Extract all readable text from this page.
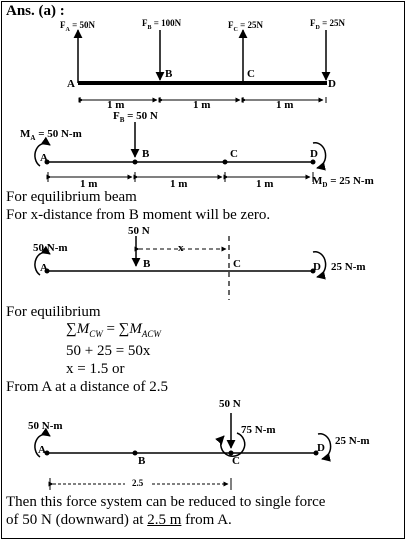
Ans. (a) :
$F_A = 50N$	$F_B = 100N$	$F_C = 25N$	$F_D = 25N$
A
B	C
D
1 m	1 m	1 m
$M_A = 50$ N-m
$F_B = 50$ N
A	B	C	D
1 m	1 m	1 m	$M_D = 25$ N-m
For equilibrium beam
For x-distance from B moment will be zero.
50 N
50 N-m
25 N-m
x
A	B	C	D
For equilibrium
$\sum M_{CW} = \sum M_{ACW}$
50 + 25 = 50x
x = 1.5 or
From A at a distance of 2.5
50 N
50 N-m	75 N-m
25 N-m
A
B	C
D
2.5
Then this force system can be reduced to single force
of 50 N (downward) at 2.5 m from A.
